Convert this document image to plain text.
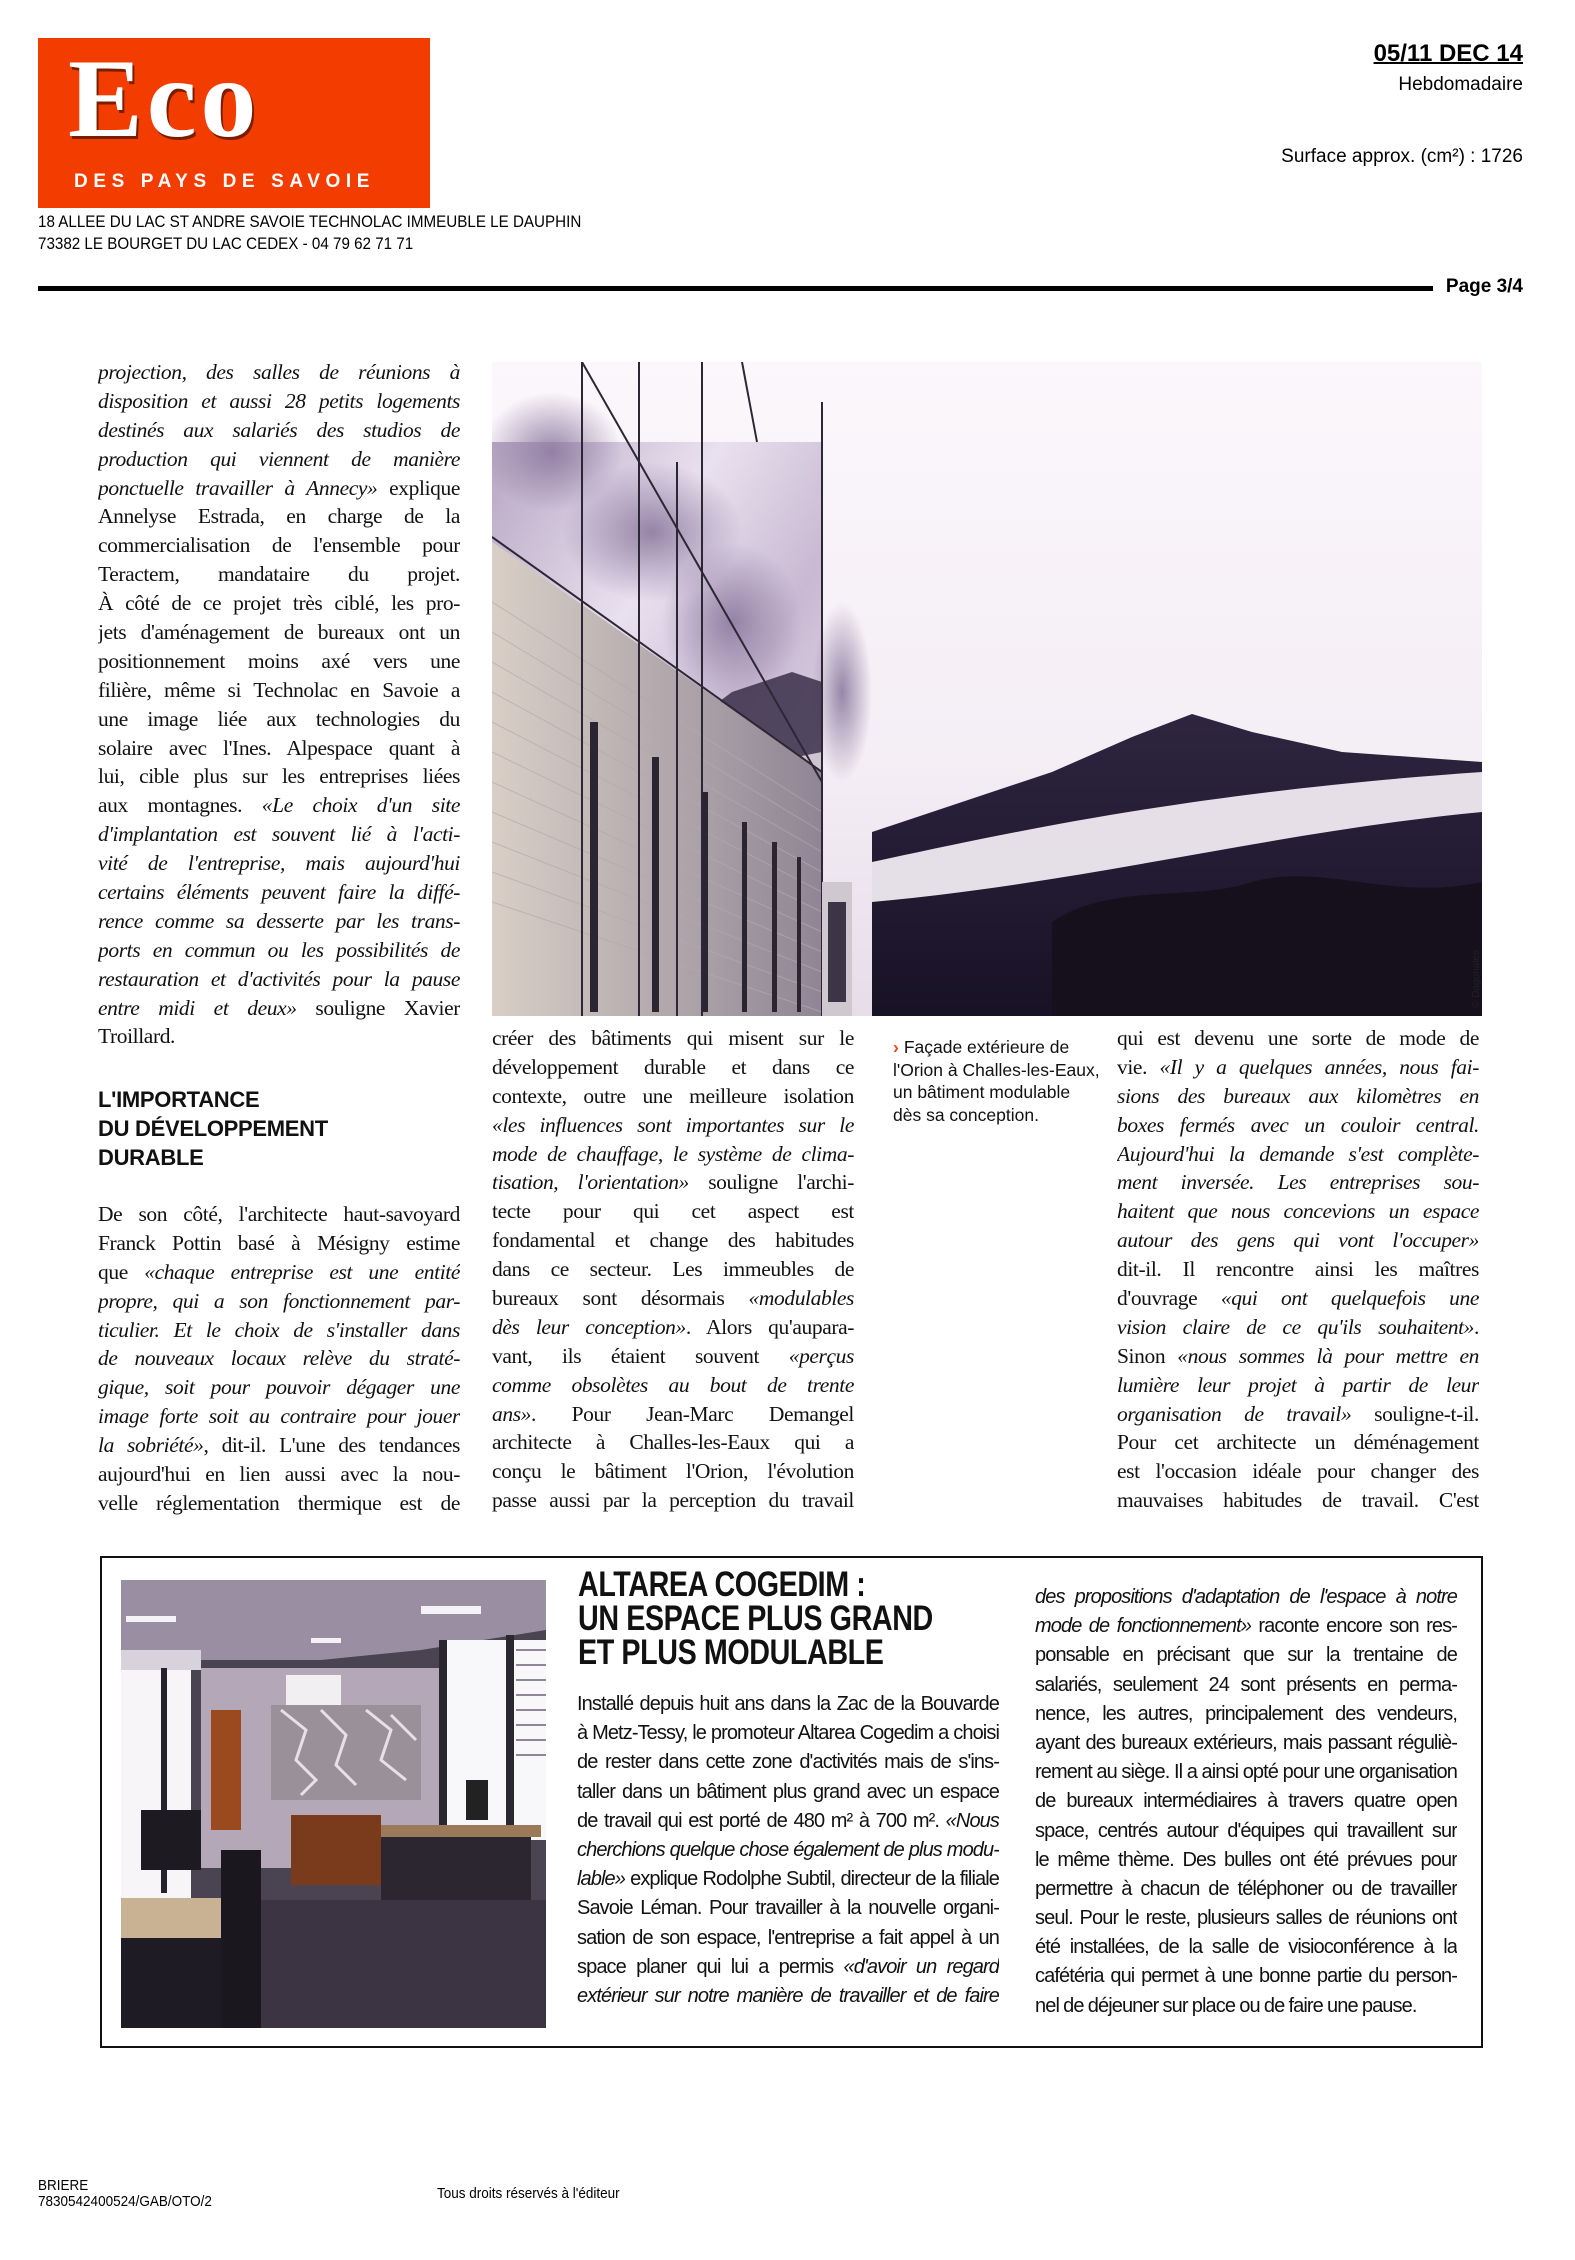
Eco
DES PAYS DE SAVOIE
18 ALLEE DU LAC ST ANDRE SAVOIE TECHNOLAC IMMEUBLE LE DAUPHIN
73382 LE BOURGET DU LAC CEDEX - 04 79 62 71 71
05/11 DEC 14
Hebdomadaire
Surface approx. (cm²) : 1726
Page 3/4
projection, des salles de réunions à
disposition et aussi 28 petits logements
destinés aux salariés des studios de
production qui viennent de manière
ponctuelle travailler à Annecy» explique
Annelyse Estrada, en charge de la
commercialisation de l'ensemble pour
Teractem, mandataire du projet.
À côté de ce projet très ciblé, les pro-
jets d'aménagement de bureaux ont un
positionnement moins axé vers une
filière, même si Technolac en Savoie a
une image liée aux technologies du
solaire avec l'Ines. Alpespace quant à
lui, cible plus sur les entreprises liées
aux montagnes. «Le choix d'un site
d'implantation est souvent lié à l'acti-
vité de l'entreprise, mais aujourd'hui
certains éléments peuvent faire la diffé-
rence comme sa desserte par les trans-
ports en commun ou les possibilités de
restauration et d'activités pour la pause
entre midi et deux» souligne Xavier
Troillard.
L'IMPORTANCE
DU DÉVELOPPEMENT
DURABLE
De son côté, l'architecte haut-savoyard
Franck Pottin basé à Mésigny estime
que «chaque entreprise est une entité
propre, qui a son fonctionnement par-
ticulier. Et le choix de s'installer dans
de nouveaux locaux relève du straté-
gique, soit pour pouvoir dégager une
image forte soit au contraire pour jouer
la sobriété», dit-il. L'une des tendances
aujourd'hui en lien aussi avec la nou-
velle réglementation thermique est de
créer des bâtiments qui misent sur le
développement durable et dans ce
contexte, outre une meilleure isolation
«les influences sont importantes sur le
mode de chauffage, le système de clima-
tisation, l'orientation» souligne l'archi-
tecte pour qui cet aspect est
fondamental et change des habitudes
dans ce secteur. Les immeubles de
bureaux sont désormais «modulables
dès leur conception». Alors qu'aupara-
vant, ils étaient souvent «perçus
comme obsolètes au bout de trente
ans». Pour Jean-Marc Demangel
architecte à Challes-les-Eaux qui a
conçu le bâtiment l'Orion, l'évolution
passe aussi par la perception du travail
qui est devenu une sorte de mode de
vie. «Il y a quelques années, nous fai-
sions des bureaux aux kilomètres en
boxes fermés avec un couloir central.
Aujourd'hui la demande s'est complète-
ment inversée. Les entreprises sou-
haitent que nous concevions un espace
autour des gens qui vont l'occuper»
dit-il. Il rencontre ainsi les maîtres
d'ouvrage «qui ont quelquefois une
vision claire de ce qu'ils souhaitent».
Sinon «nous sommes là pour mettre en
lumière leur projet à partir de leur
organisation de travail» souligne-t-il.
Pour cet architecte un déménagement
est l'occasion idéale pour changer des
mauvaises habitudes de travail. C'est
© Dagonales
› Façade extérieure de l'Orion à Challes-les-Eaux, un bâtiment modulable dès sa conception.
ALTAREA COGEDIM :
UN ESPACE PLUS GRAND
ET PLUS MODULABLE
Installé depuis huit ans dans la Zac de la Bouvarde
à Metz-Tessy, le promoteur Altarea Cogedim a choisi
de rester dans cette zone d'activités mais de s'ins-
taller dans un bâtiment plus grand avec un espace
de travail qui est porté de 480 m² à 700 m². «Nous
cherchions quelque chose également de plus modu-
lable» explique Rodolphe Subtil, directeur de la filiale
Savoie Léman. Pour travailler à la nouvelle organi-
sation de son espace, l'entreprise a fait appel à un
space planer qui lui a permis «d'avoir un regard
extérieur sur notre manière de travailler et de faire
des propositions d'adaptation de l'espace à notre
mode de fonctionnement» raconte encore son res-
ponsable en précisant que sur la trentaine de
salariés, seulement 24 sont présents en perma-
nence, les autres, principalement des vendeurs,
ayant des bureaux extérieurs, mais passant réguliè-
rement au siège. Il a ainsi opté pour une organisation
de bureaux intermédiaires à travers quatre open
space, centrés autour d'équipes qui travaillent sur
le même thème. Des bulles ont été prévues pour
permettre à chacun de téléphoner ou de travailler
seul. Pour le reste, plusieurs salles de réunions ont
été installées, de la salle de visioconférence à la
cafétéria qui permet à une bonne partie du person-
nel de déjeuner sur place ou de faire une pause.
BRIERE
7830542400524/GAB/OTO/2	Tous droits réservés à l'éditeur
